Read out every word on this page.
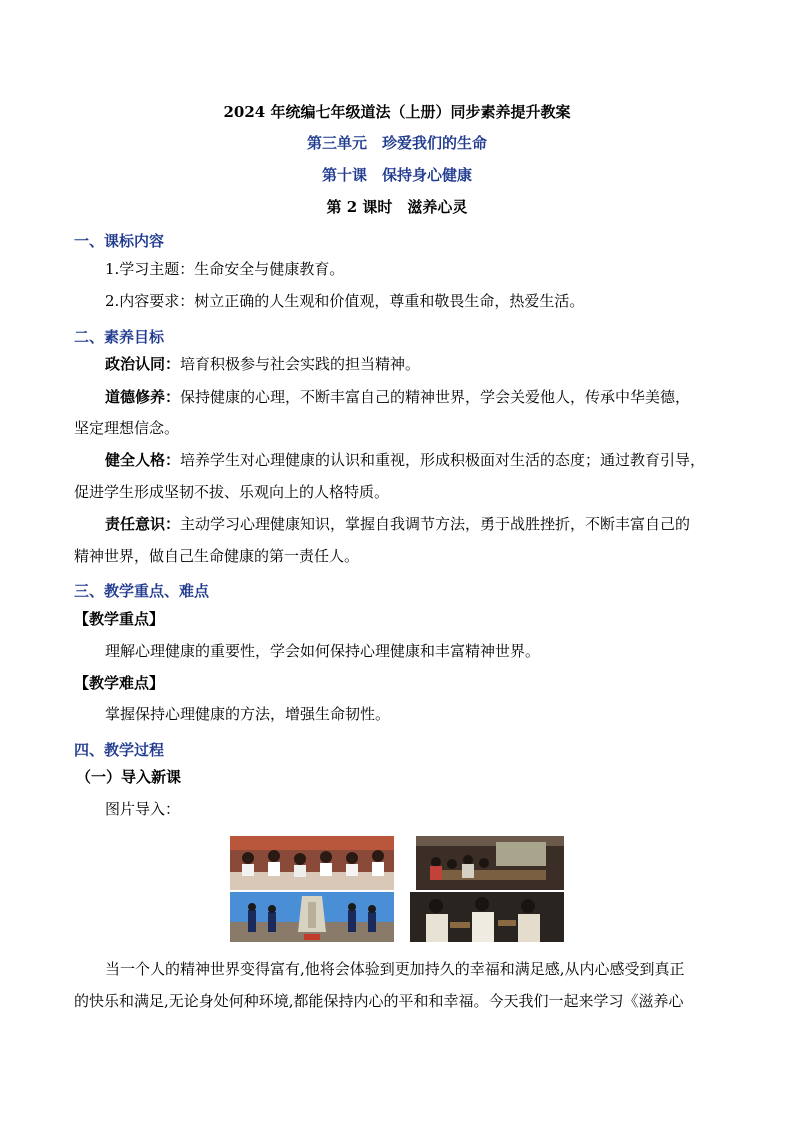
2024 年统编七年级道法（上册）同步素养提升教案
第三单元　珍爱我们的生命
第十课　保持身心健康
第 2 课时　滋养心灵
一、课标内容
1.学习主题：生命安全与健康教育。
2.内容要求：树立正确的人生观和价值观，尊重和敬畏生命，热爱生活。
二、素养目标
政治认同：培育积极参与社会实践的担当精神。
道德修养：保持健康的心理，不断丰富自己的精神世界，学会关爱他人，传承中华美德，
坚定理想信念。
健全人格：培养学生对心理健康的认识和重视，形成积极面对生活的态度；通过教育引导，
促进学生形成坚韧不拔、乐观向上的人格特质。
责任意识：主动学习心理健康知识，掌握自我调节方法，勇于战胜挫折，不断丰富自己的
精神世界，做自己生命健康的第一责任人。
三、教学重点、难点
【教学重点】
理解心理健康的重要性，学会如何保持心理健康和丰富精神世界。
【教学难点】
掌握保持心理健康的方法，增强生命韧性。
四、教学过程
（一）导入新课
图片导入：
当一个人的精神世界变得富有,他将会体验到更加持久的幸福和满足感,从内心感受到真正
的快乐和满足,无论身处何种环境,都能保持内心的平和和幸福。今天我们一起来学习《滋养心
